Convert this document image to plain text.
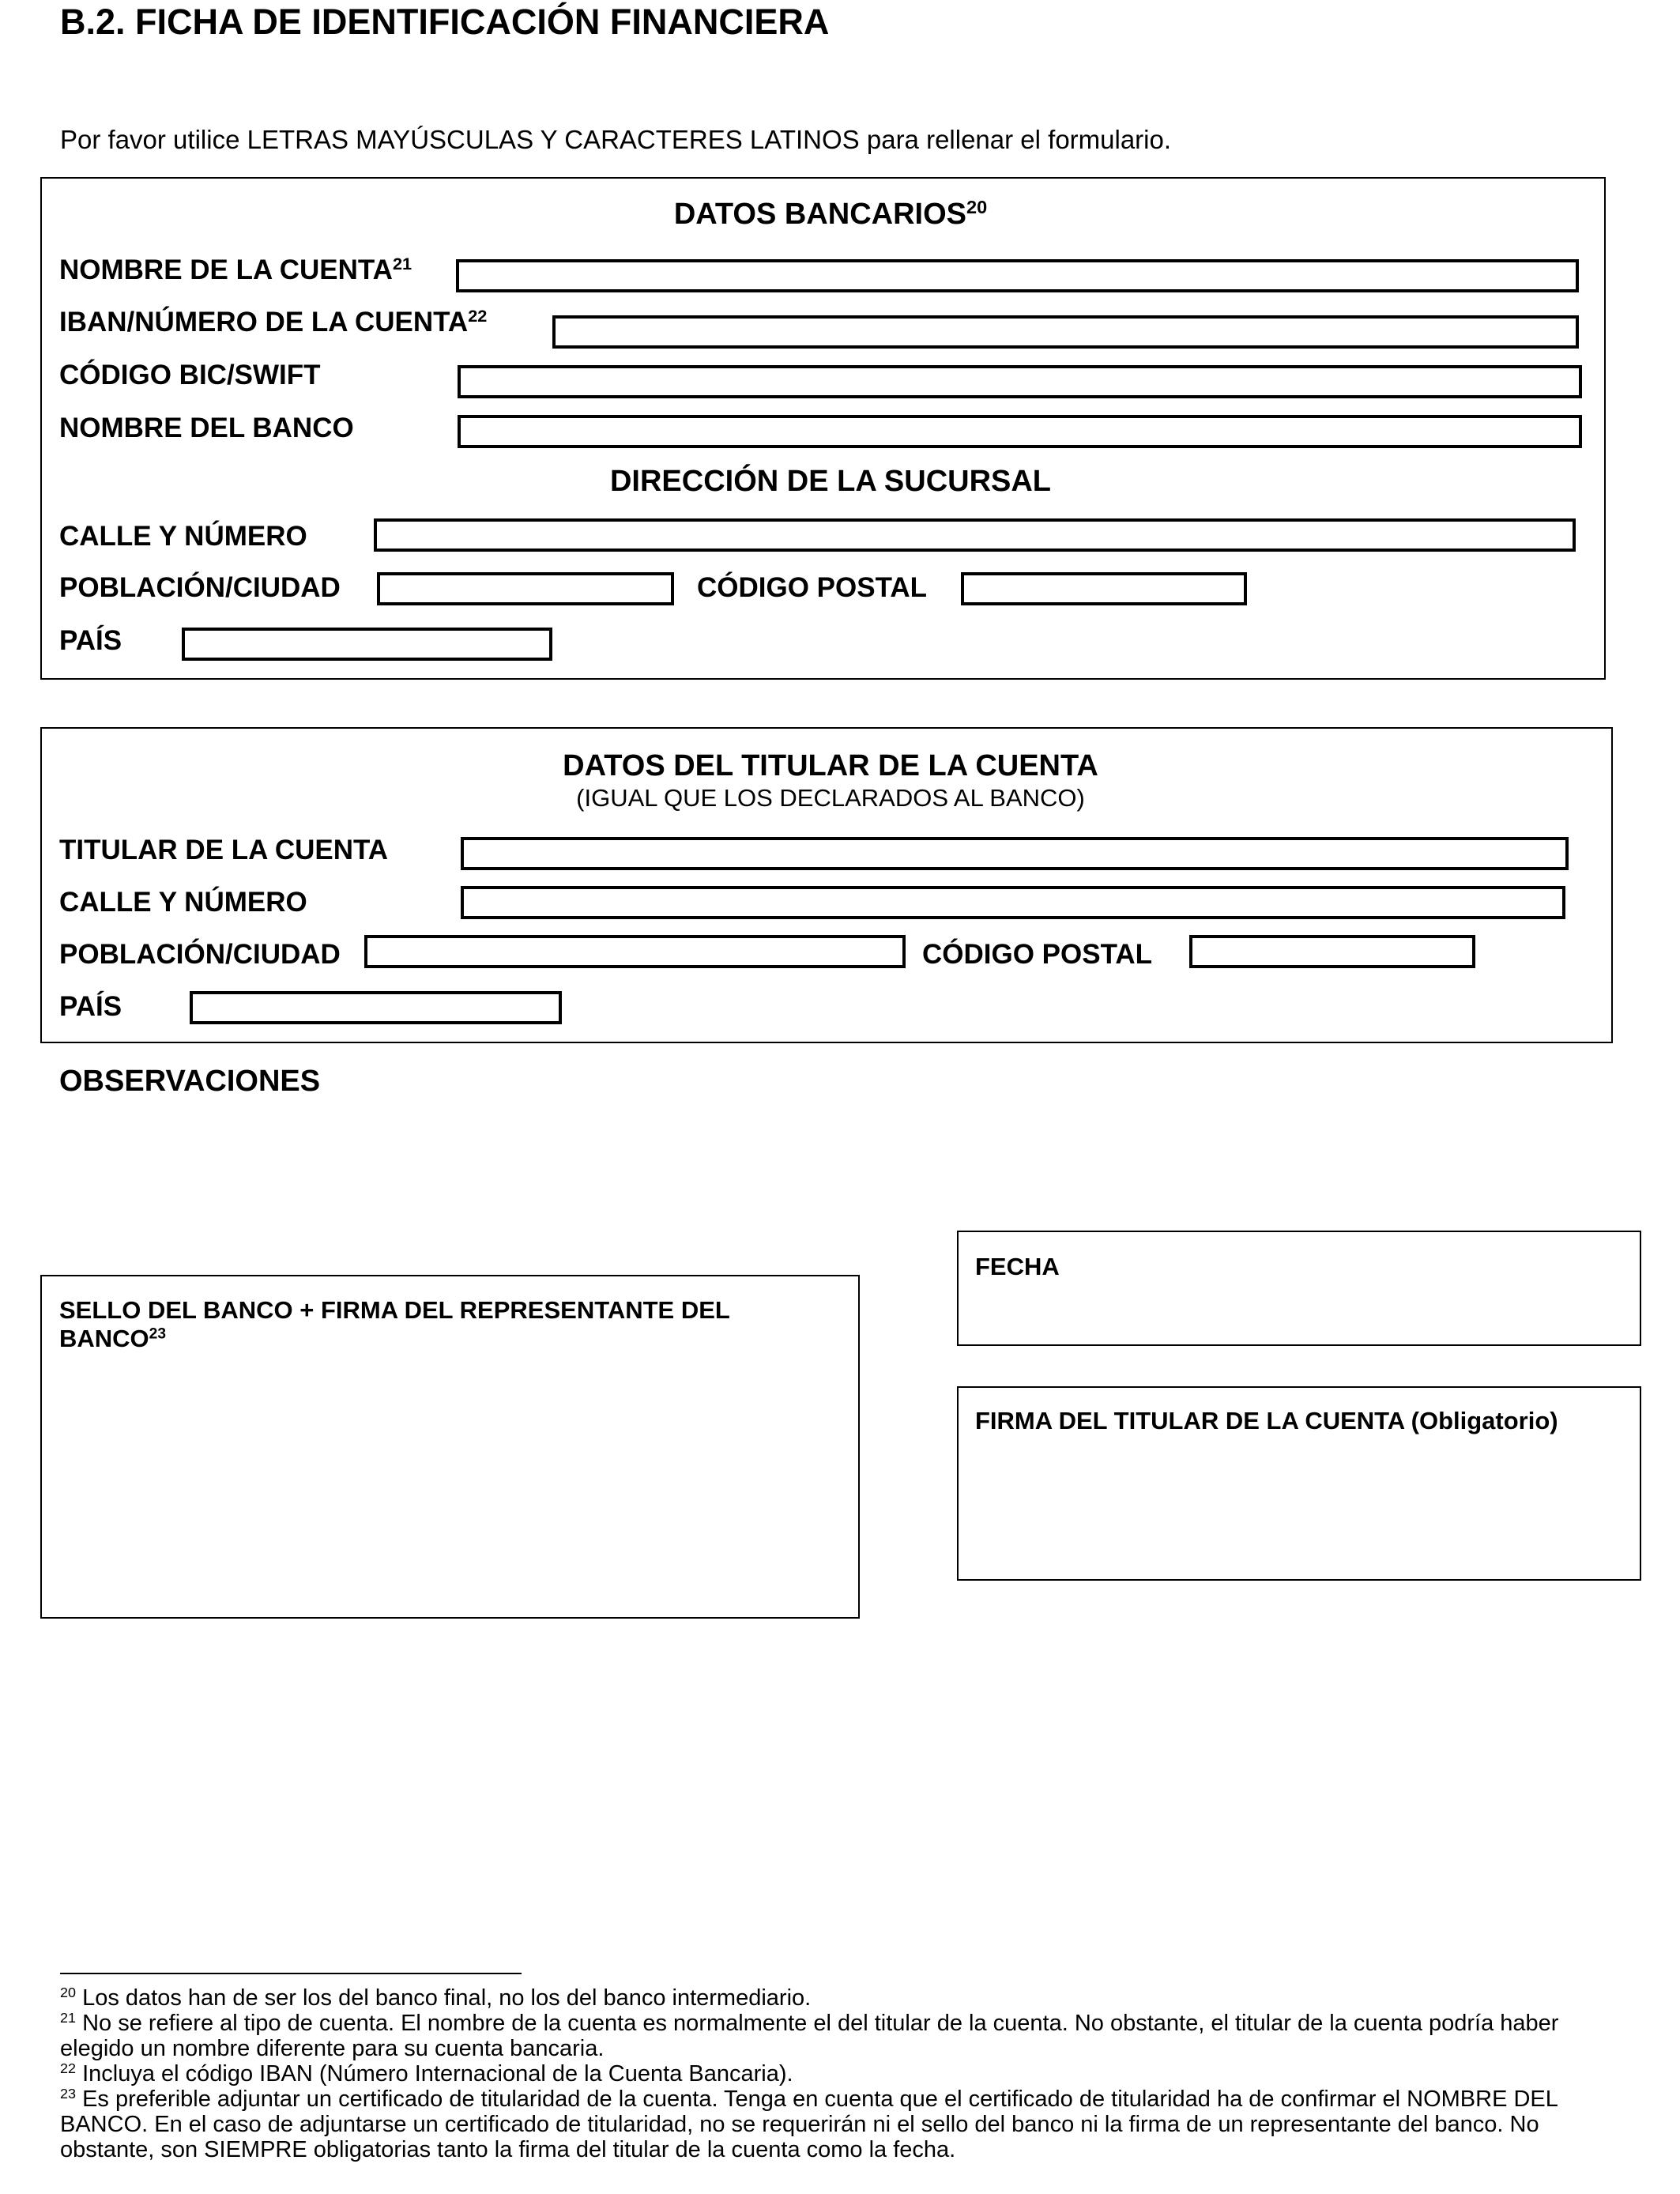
B.2. FICHA DE IDENTIFICACIÓN FINANCIERA
Por favor utilice LETRAS MAYÚSCULAS Y CARACTERES LATINOS para rellenar el formulario.
DATOS BANCARIOS$^{20}$
NOMBRE DE LA CUENTA$^{21}$
IBAN/NÚMERO DE LA CUENTA$^{22}$
CÓDIGO BIC/SWIFT
NOMBRE DEL BANCO
DIRECCIÓN DE LA SUCURSAL
CALLE Y NÚMERO
POBLACIÓN/CIUDAD	CÓDIGO POSTAL
PAÍS
DATOS DEL TITULAR DE LA CUENTA
(IGUAL QUE LOS DECLARADOS AL BANCO)
TITULAR DE LA CUENTA
CALLE Y NÚMERO
POBLACIÓN/CIUDAD	CÓDIGO POSTAL
PAÍS
OBSERVACIONES
SELLO DEL BANCO + FIRMA DEL REPRESENTANTE DEL BANCO$^{23}$
FECHA
FIRMA DEL TITULAR DE LA CUENTA (Obligatorio)

$^{20}$ Los datos han de ser los del banco final, no los del banco intermediario.

$^{21}$ No se refiere al tipo de cuenta. El nombre de la cuenta es normalmente el del titular de la cuenta. No obstante, el titular de la cuenta podría haber elegido un nombre diferente para su cuenta bancaria.

$^{22}$ Incluya el código IBAN (Número Internacional de la Cuenta Bancaria).

$^{23}$ Es preferible adjuntar un certificado de titularidad de la cuenta. Tenga en cuenta que el certificado de titularidad ha de confirmar el NOMBRE DEL BANCO. En el caso de adjuntarse un certificado de titularidad, no se requerirán ni el sello del banco ni la firma de un representante del banco. No obstante, son SIEMPRE obligatorias tanto la firma del titular de la cuenta como la fecha.
